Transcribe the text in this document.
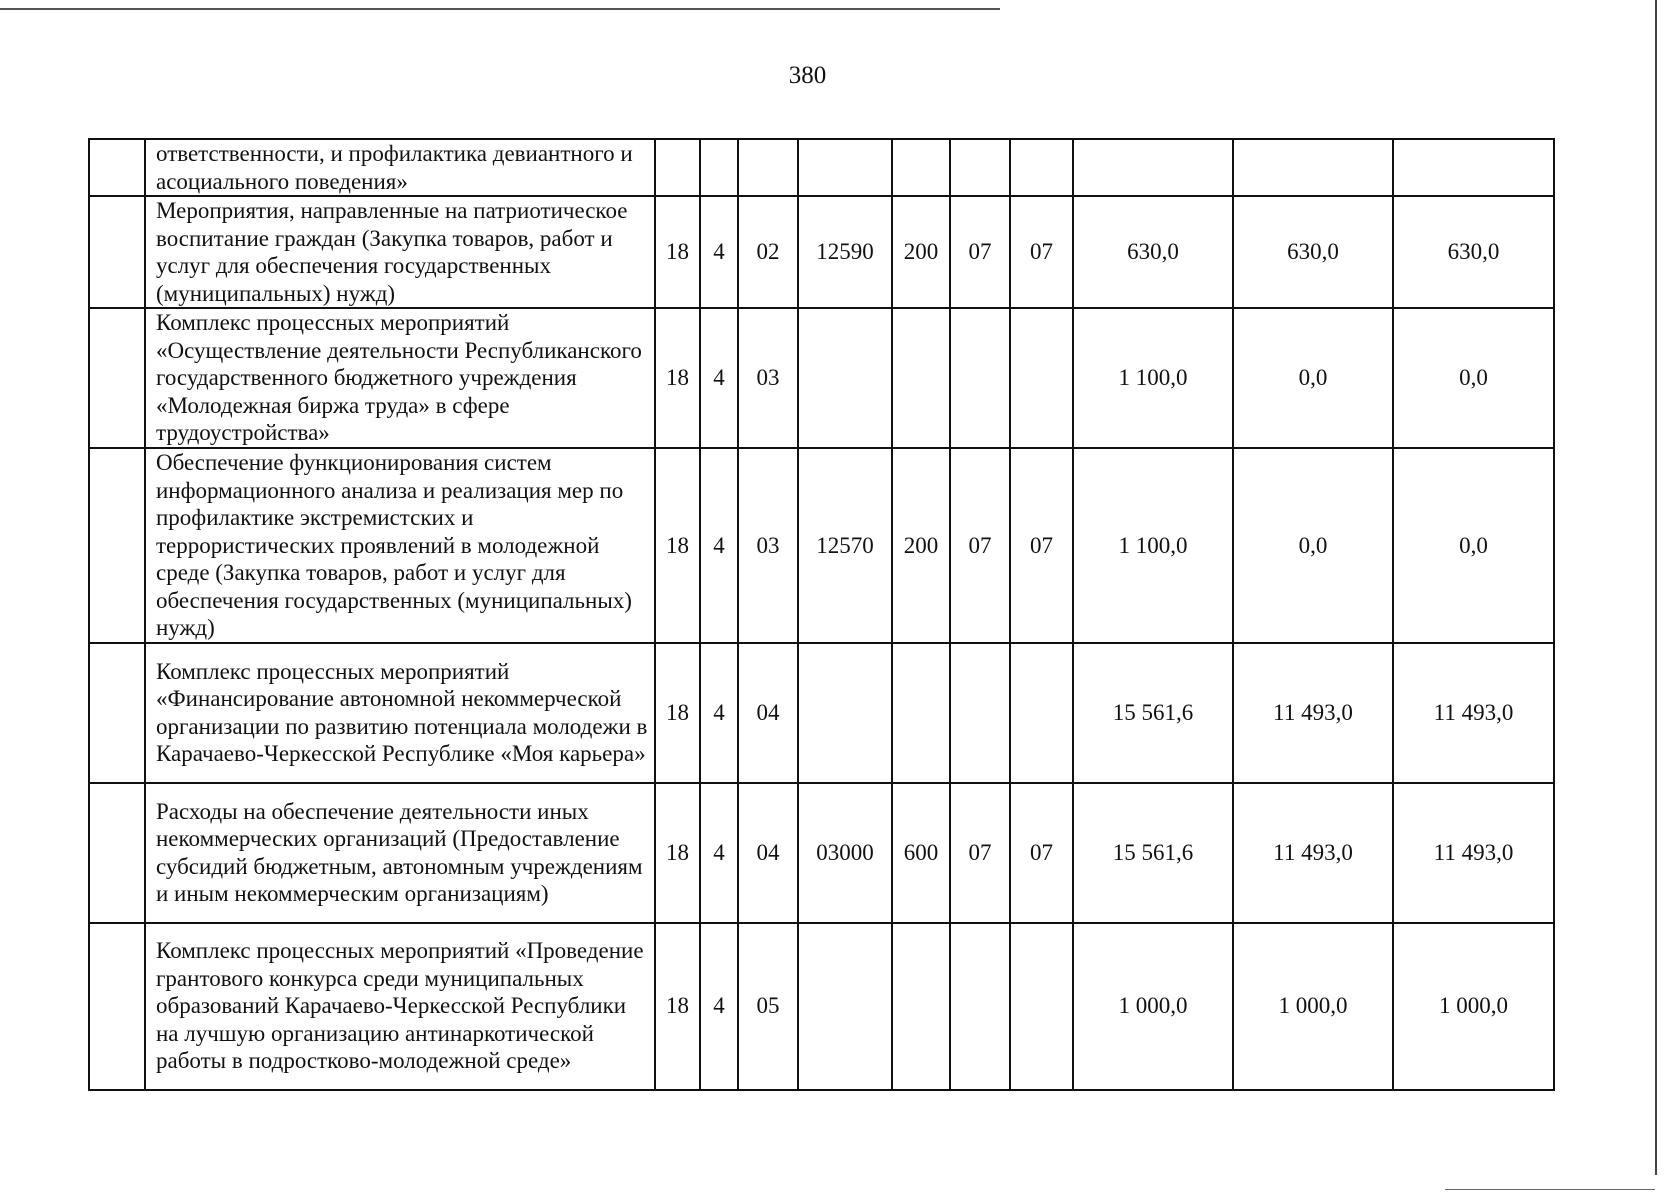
380
	ответственности, и профилактика девиантного и асоциального поведения»										
	Мероприятия, направленные на патриотическое воспитание граждан (Закупка товаров, работ и услуг для обеспечения государственных (муниципальных) нужд)	18	4	02	12590	200	07	07	630,0	630,0	630,0
	Комплекс процессных мероприятий «Осуществление деятельности Республиканского государственного бюджетного учреждения «Молодежная биржа труда» в сфере трудоустройства»	18	4	03					1 100,0	0,0	0,0
	Обеспечение функционирования систем информационного анализа и реализация мер по профилактике экстремистских и террористических проявлений в молодежной среде (Закупка товаров, работ и услуг для обеспечения государственных (муниципальных) нужд)	18	4	03	12570	200	07	07	1 100,0	0,0	0,0
	Комплекс процессных мероприятий «Финансирование автономной некоммерческой организации по развитию потенциала молодежи в Карачаево-Черкесской Республике «Моя карьера»	18	4	04					15 561,6	11 493,0	11 493,0
	Расходы на обеспечение деятельности иных некоммерческих организаций (Предоставление субсидий бюджетным, автономным учреждениям и иным некоммерческим организациям)	18	4	04	03000	600	07	07	15 561,6	11 493,0	11 493,0
	Комплекс процессных мероприятий «Проведение грантового конкурса среди муниципальных образований Карачаево-Черкесской Республики на лучшую организацию антинаркотической работы в подростково-молодежной среде»	18	4	05					1 000,0	1 000,0	1 000,0
